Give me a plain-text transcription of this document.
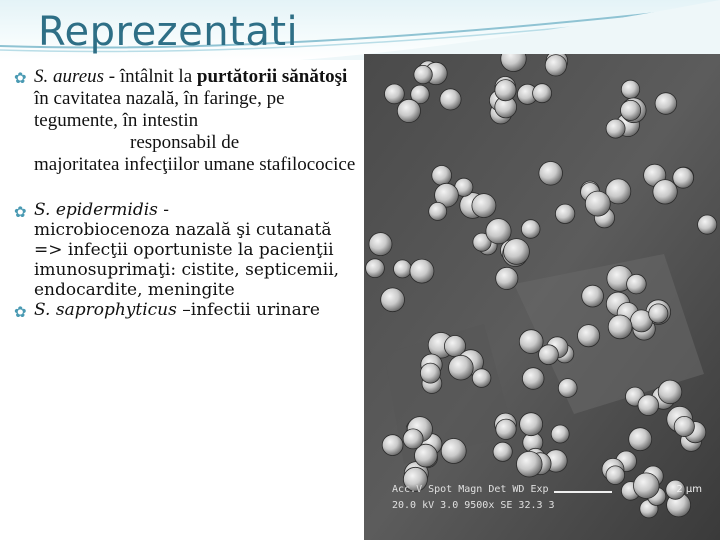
Reprezentati
✿ S. aureus - întâlnit la purtătorii sănătoşi în cavitatea nazală, în faringe, pe tegumente, în intestin
responsabil de
majoritatea infecţiilor umane stafilococice
✿ S. epidermidis -
microbiocenoza nazală şi cutanată
=> infecţii oportuniste la pacienţii imunosuprimaţi: cistite, septicemii, endocardite, meningite
✿ S. saprophyticus –infectii urinare
Acc.V Spot Magn Det WD Exp
20.0 kV 3.0 9500x SE 32.3 3
2 µm
